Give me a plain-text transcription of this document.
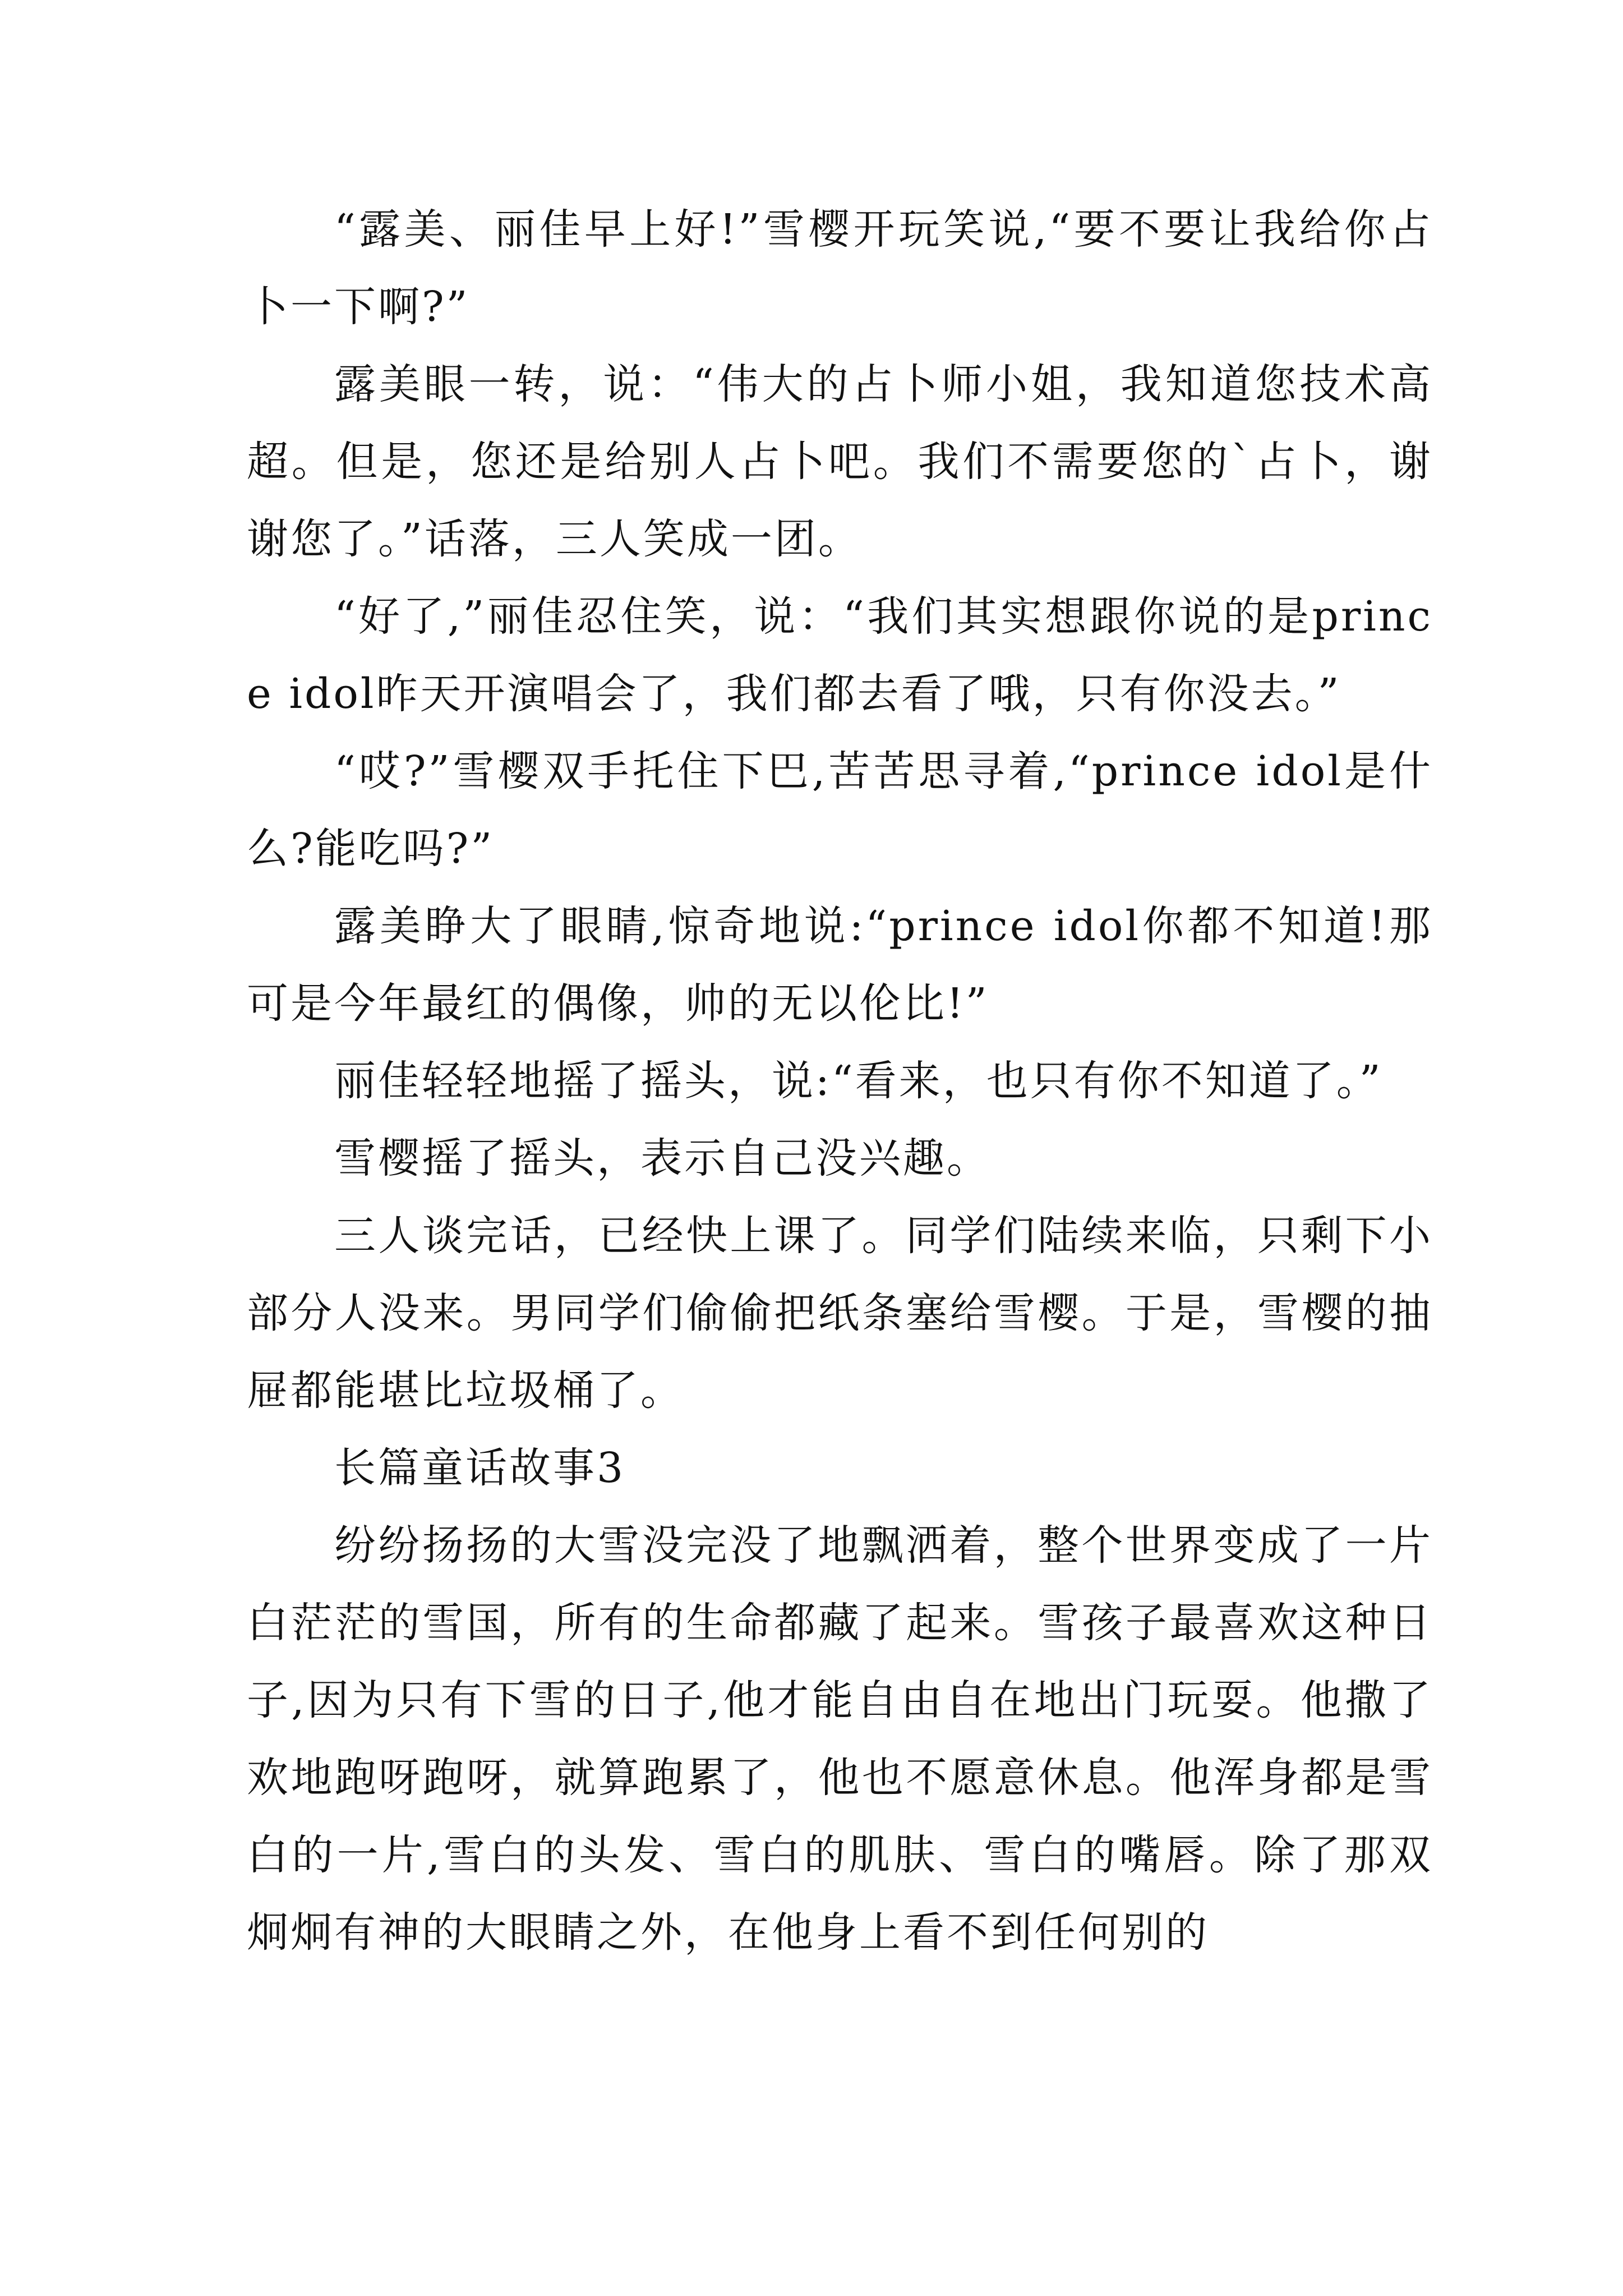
“露美、丽佳早上好!”雪樱开玩笑说,“要不要让我给你占卜一下啊?”

露美眼一转，说：“伟大的占卜师小姐，我知道您技术高超。但是，您还是给别人占卜吧。我们不需要您的`占卜，谢谢您了。”话落，三人笑成一团。

“好了,”丽佳忍住笑，说：“我们其实想跟你说的是prince idol昨天开演唱会了，我们都去看了哦，只有你没去。”

“哎?”雪樱双手托住下巴,苦苦思寻着,“prince idol是什么?能吃吗?”

露美睁大了眼睛,惊奇地说:“prince idol你都不知道!那可是今年最红的偶像，帅的无以伦比!”

丽佳轻轻地摇了摇头，说:“看来，也只有你不知道了。”

雪樱摇了摇头，表示自己没兴趣。

三人谈完话，已经快上课了。同学们陆续来临，只剩下小部分人没来。男同学们偷偷把纸条塞给雪樱。于是，雪樱的抽屉都能堪比垃圾桶了。

长篇童话故事3

纷纷扬扬的大雪没完没了地飘洒着，整个世界变成了一片白茫茫的雪国，所有的生命都藏了起来。雪孩子最喜欢这种日子,因为只有下雪的日子,他才能自由自在地出门玩耍。他撒了欢地跑呀跑呀，就算跑累了，他也不愿意休息。他浑身都是雪白的一片,雪白的头发、雪白的肌肤、雪白的嘴唇。除了那双炯炯有神的大眼睛之外，在他身上看不到任何别的
